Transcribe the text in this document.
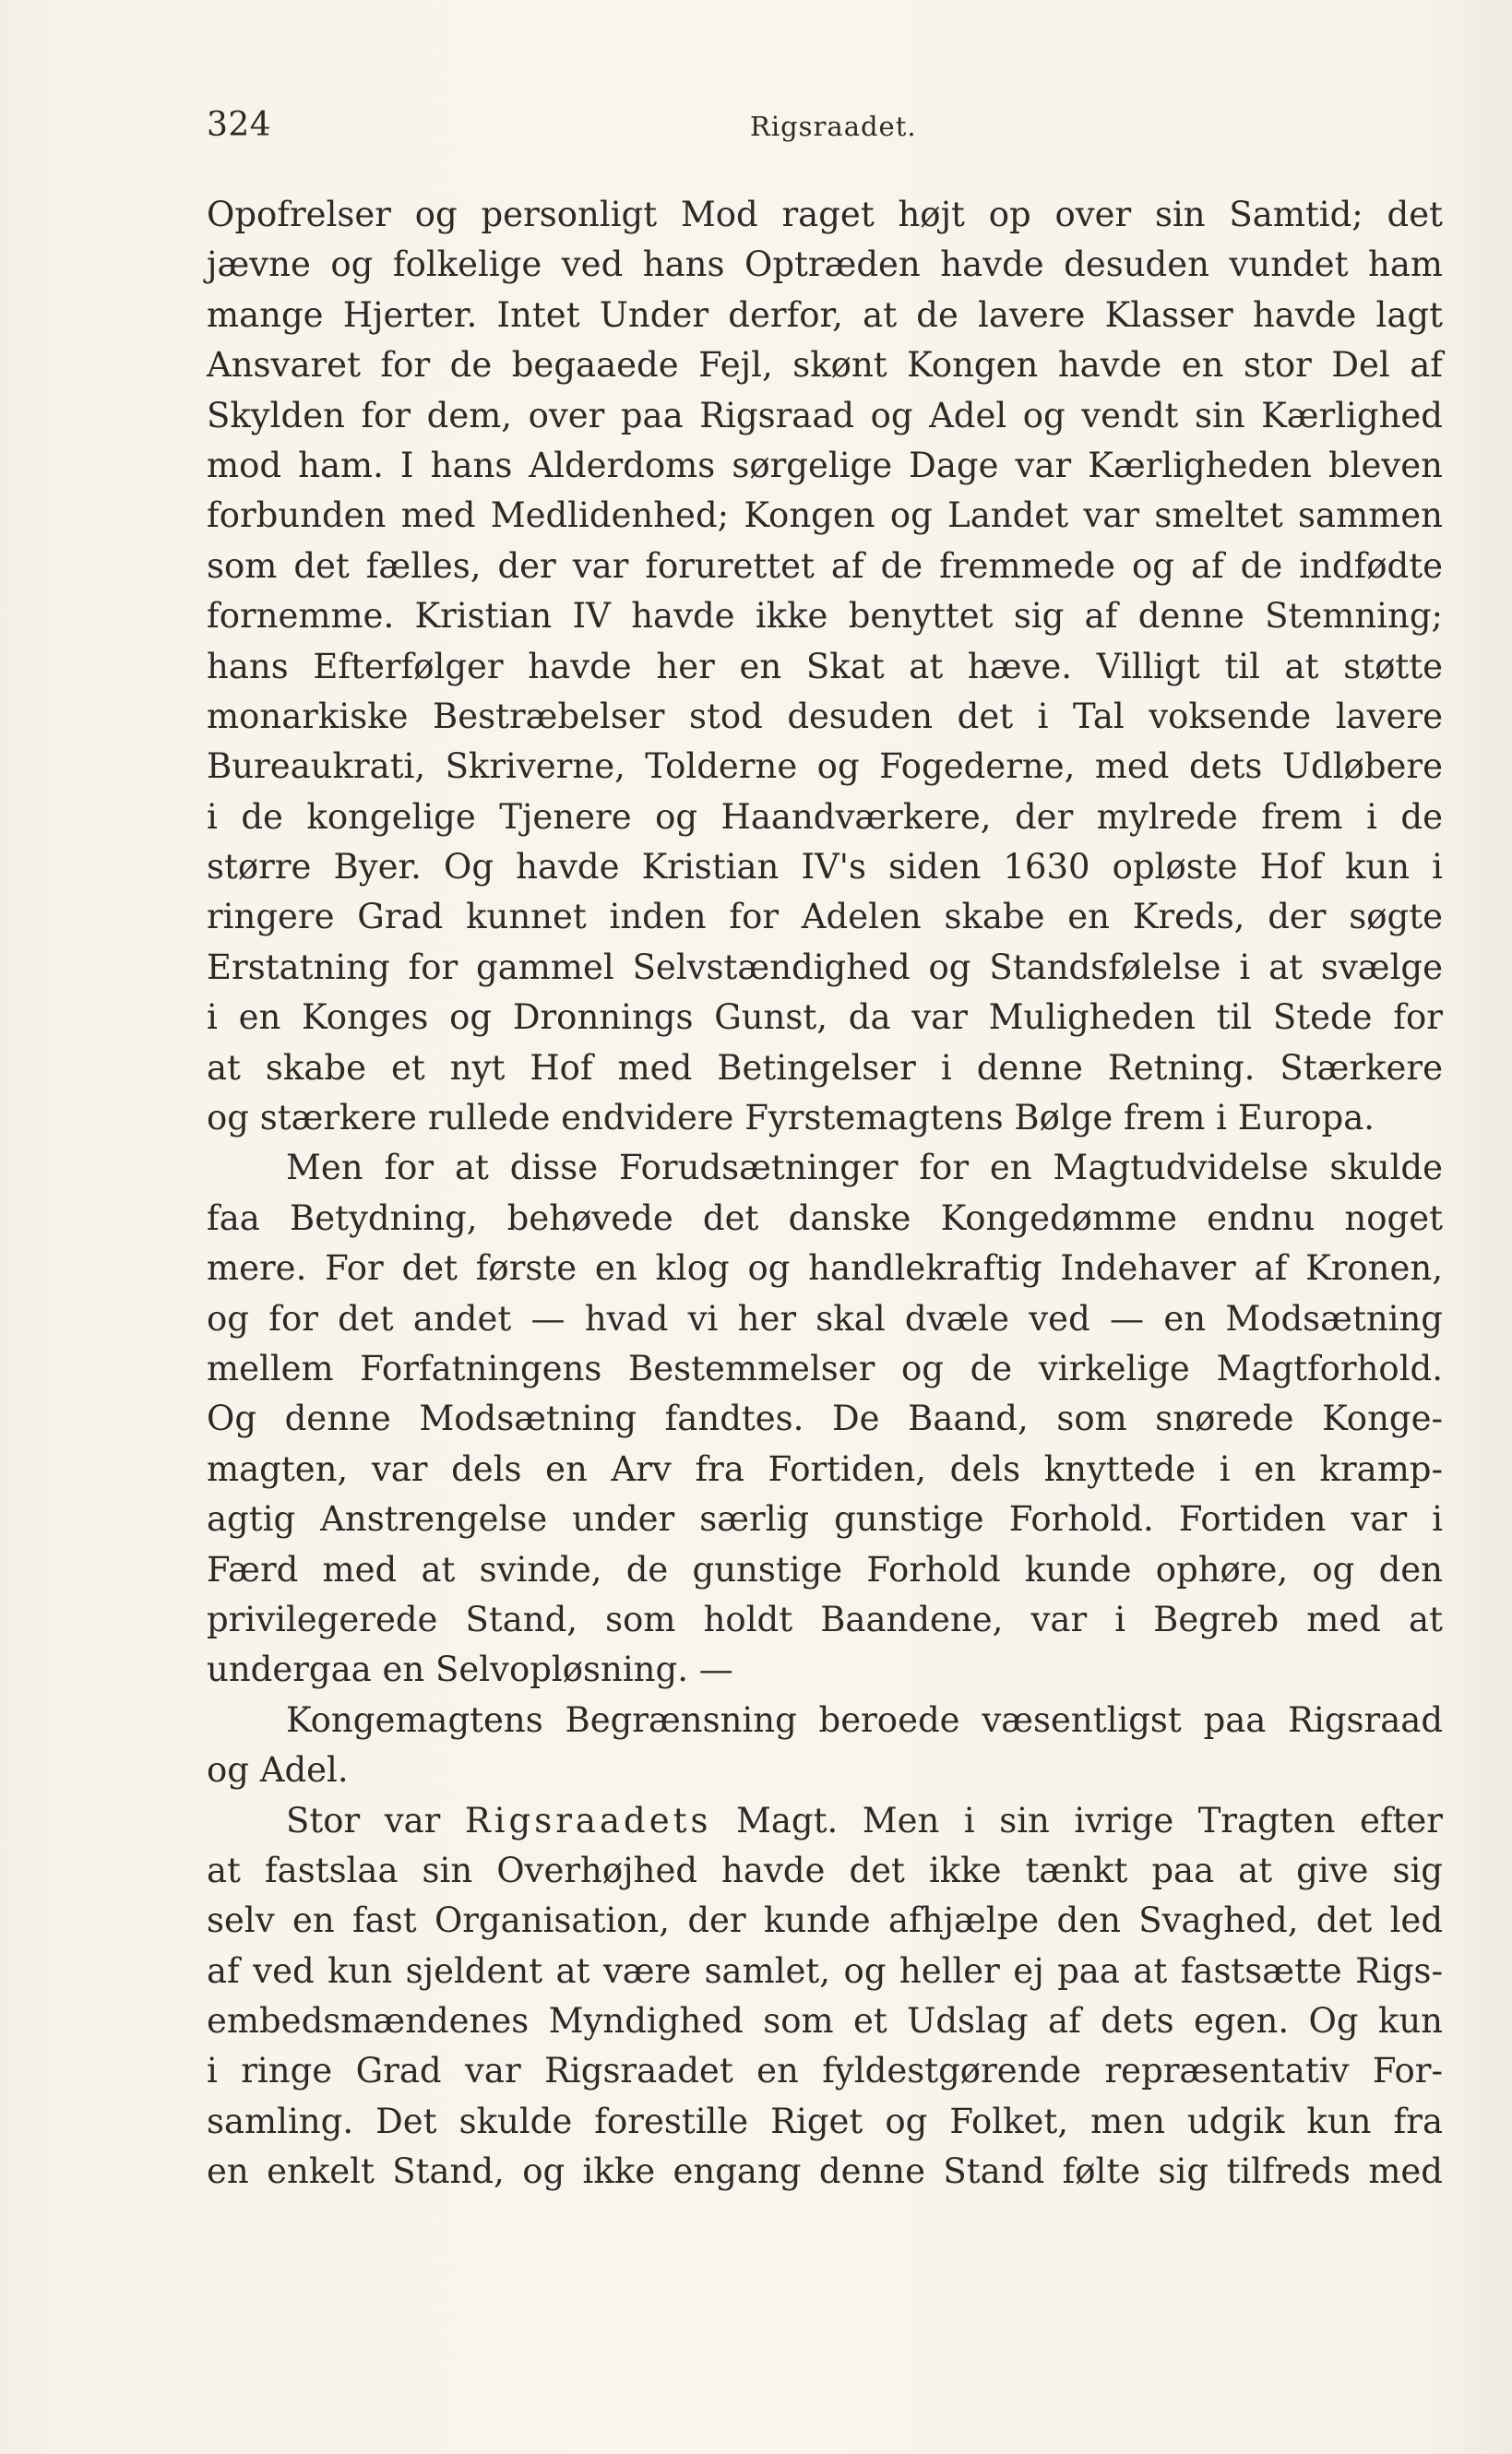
324	Rigsraadet.
Opofrelser og personligt Mod raget højt op over sin Samtid; det
jævne og folkelige ved hans Optræden havde desuden vundet ham
mange Hjerter. Intet Under derfor, at de lavere Klasser havde lagt
Ansvaret for de begaaede Fejl, skønt Kongen havde en stor Del af
Skylden for dem, over paa Rigsraad og Adel og vendt sin Kærlighed
mod ham. I hans Alderdoms sørgelige Dage var Kærligheden bleven
forbunden med Medlidenhed; Kongen og Landet var smeltet sammen
som det fælles, der var forurettet af de fremmede og af de indfødte
fornemme. Kristian IV havde ikke benyttet sig af denne Stemning;
hans Efterfølger havde her en Skat at hæve. Villigt til at støtte
monarkiske Bestræbelser stod desuden det i Tal voksende lavere
Bureaukrati, Skriverne, Tolderne og Fogederne, med dets Udløbere
i de kongelige Tjenere og Haandværkere, der mylrede frem i de
større Byer. Og havde Kristian IV's siden 1630 opløste Hof kun i
ringere Grad kunnet inden for Adelen skabe en Kreds, der søgte
Erstatning for gammel Selvstændighed og Standsfølelse i at svælge
i en Konges og Dronnings Gunst, da var Muligheden til Stede for
at skabe et nyt Hof med Betingelser i denne Retning. Stærkere
og stærkere rullede endvidere Fyrstemagtens Bølge frem i Europa.
Men for at disse Forudsætninger for en Magtudvidelse skulde
faa Betydning, behøvede det danske Kongedømme endnu noget
mere. For det første en klog og handlekraftig Indehaver af Kronen,
og for det andet — hvad vi her skal dvæle ved — en Modsætning
mellem Forfatningens Bestemmelser og de virkelige Magtforhold.
Og denne Modsætning fandtes. De Baand, som snørede Konge-
magten, var dels en Arv fra Fortiden, dels knyttede i en kramp-
agtig Anstrengelse under særlig gunstige Forhold. Fortiden var i
Færd med at svinde, de gunstige Forhold kunde ophøre, og den
privilegerede Stand, som holdt Baandene, var i Begreb med at
undergaa en Selvopløsning. —
Kongemagtens Begrænsning beroede væsentligst paa Rigsraad
og Adel.
Stor var Rigsraadets Magt. Men i sin ivrige Tragten efter
at fastslaa sin Overhøjhed havde det ikke tænkt paa at give sig
selv en fast Organisation, der kunde afhjælpe den Svaghed, det led
af ved kun sjeldent at være samlet, og heller ej paa at fastsætte Rigs-
embedsmændenes Myndighed som et Udslag af dets egen. Og kun
i ringe Grad var Rigsraadet en fyldestgørende repræsentativ For-
samling. Det skulde forestille Riget og Folket, men udgik kun fra
en enkelt Stand, og ikke engang denne Stand følte sig tilfreds med
